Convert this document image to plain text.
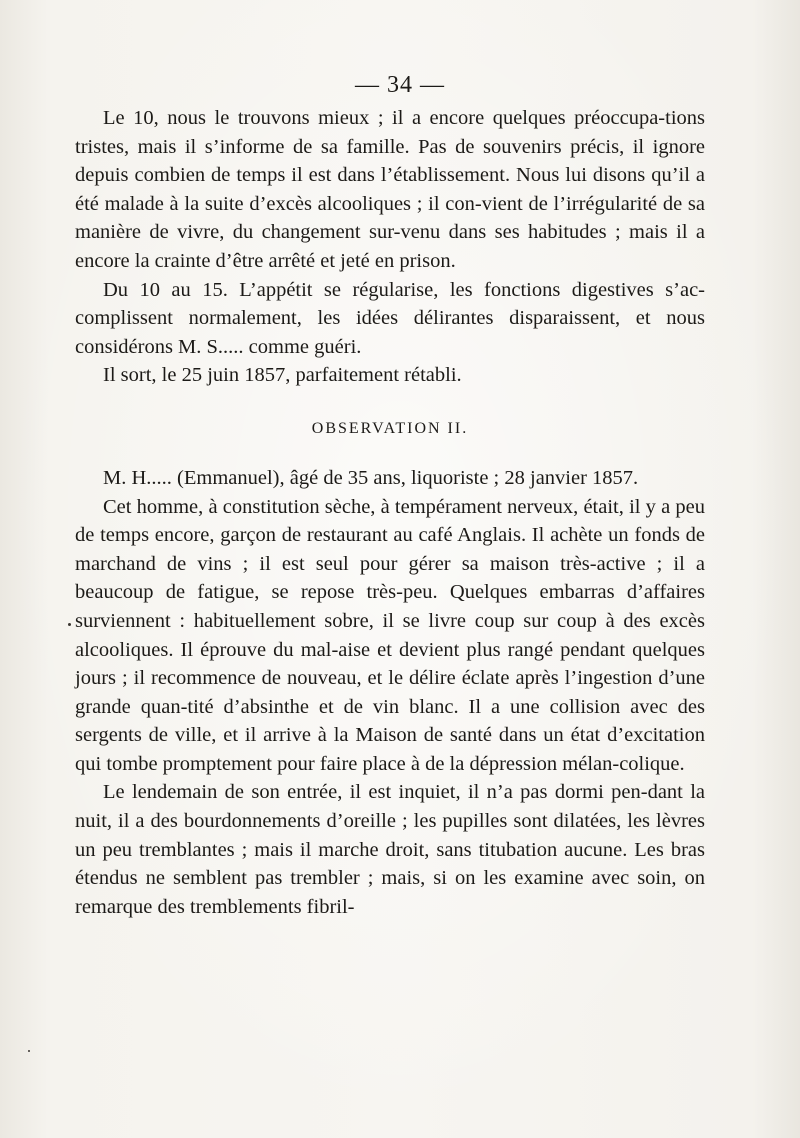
— 34 —

Le 10, nous le trouvons mieux ; il a encore quelques préoccupa-tions tristes, mais il s’informe de sa famille. Pas de souvenirs précis, il ignore depuis combien de temps il est dans l’établissement. Nous lui disons qu’il a été malade à la suite d’excès alcooliques ; il con-vient de l’irrégularité de sa manière de vivre, du changement sur-venu dans ses habitudes ; mais il a encore la crainte d’être arrêté et jeté en prison.

Du 10 au 15. L’appétit se régularise, les fonctions digestives s’ac-complissent normalement, les idées délirantes disparaissent, et nous considérons M. S..... comme guéri.

Il sort, le 25 juin 1857, parfaitement rétabli.

OBSERVATION II.

M. H..... (Emmanuel), âgé de 35 ans, liquoriste ; 28 janvier 1857.

Cet homme, à constitution sèche, à tempérament nerveux, était, il y a peu de temps encore, garçon de restaurant au café Anglais. Il achète un fonds de marchand de vins ; il est seul pour gérer sa maison très-active ; il a beaucoup de fatigue, se repose très-peu. Quelques embarras d’affaires surviennent : habituellement sobre, il se livre coup sur coup à des excès alcooliques. Il éprouve du mal-aise et devient plus rangé pendant quelques jours ; il recommence de nouveau, et le délire éclate après l’ingestion d’une grande quan-tité d’absinthe et de vin blanc. Il a une collision avec des sergents de ville, et il arrive à la Maison de santé dans un état d’excitation qui tombe promptement pour faire place à de la dépression mélan-colique.

Le lendemain de son entrée, il est inquiet, il n’a pas dormi pen-dant la nuit, il a des bourdonnements d’oreille ; les pupilles sont dilatées, les lèvres un peu tremblantes ; mais il marche droit, sans titubation aucune. Les bras étendus ne semblent pas trembler ; mais, si on les examine avec soin, on remarque des tremblements fibril-
